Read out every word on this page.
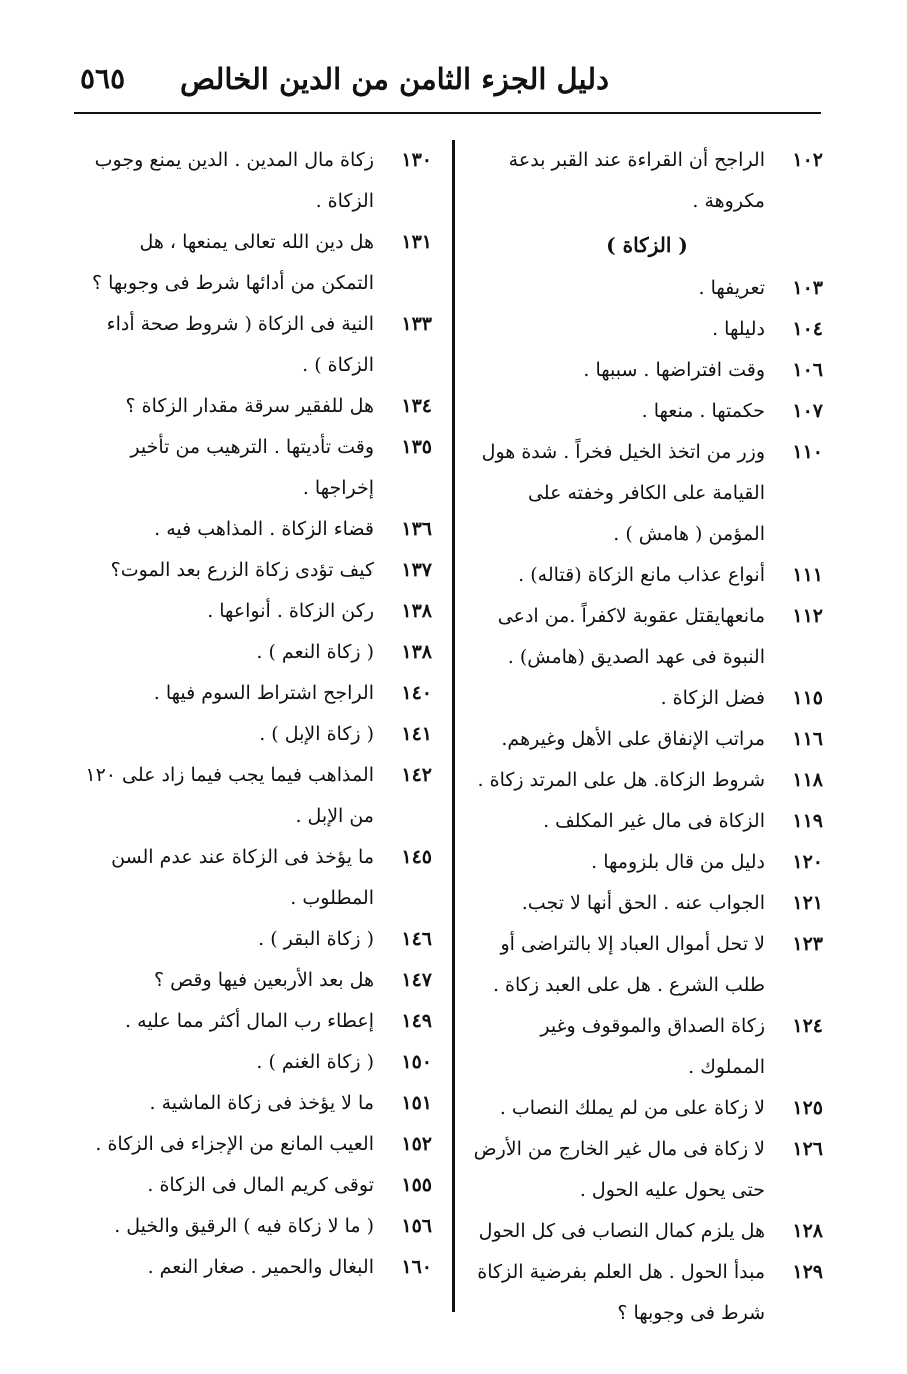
دليل الجزء الثامن من الدين الخالص
٥٦٥
١٠٢
الراجح أن القراءة عند القبر بدعة مكروهة .
( الزكاة )
١٠٣
تعريفها .
١٠٤
دليلها .
١٠٦
وقت افتراضها . سببها .
١٠٧
حكمتها . منعها .
١١٠
وزر من اتخذ الخيل فخراً . شدة هول القيامة على الكافر وخفته على المؤمن ( هامش ) .
١١١
أنواع عذاب مانع الزكاة (قتاله) .
١١٢
مانعهايقتل عقوبة لاكفراً .من ادعى النبوة فى عهد الصديق (هامش) .
١١٥
فضل الزكاة .
١١٦
مراتب الإنفاق على الأهل وغيرهم.
١١٨
شروط الزكاة. هل على المرتد زكاة .
١١٩
الزكاة فى مال غير المكلف .
١٢٠
دليل من قال بلزومها .
١٢١
الجواب عنه . الحق أنها لا تجب.
١٢٣
لا تحل أموال العباد إلا بالتراضى أو طلب الشرع . هل على العبد زكاة .
١٢٤
زكاة الصداق والموقوف وغير المملوك .
١٢٥
لا زكاة على من لم يملك النصاب .
١٢٦
لا زكاة فى مال غير الخارج من الأرض حتى يحول عليه الحول .
١٢٨
هل يلزم كمال النصاب فى كل الحول
١٢٩
مبدأ الحول . هل العلم بفرضية الزكاة شرط فى وجوبها ؟
١٣٠
زكاة مال المدين . الدين يمنع وجوب الزكاة .
١٣١
هل دين الله تعالى يمنعها ، هل التمكن من أدائها شرط فى وجوبها ؟
١٣٣
النية فى الزكاة ( شروط صحة أداء الزكاة ) .
١٣٤
هل للفقير سرقة مقدار الزكاة ؟
١٣٥
وقت تأديتها . الترهيب من تأخير إخراجها .
١٣٦
قضاء الزكاة . المذاهب فيه .
١٣٧
كيف تؤدى زكاة الزرع بعد الموت؟
١٣٨
ركن الزكاة . أنواعها .
١٣٨
( زكاة النعم ) .
١٤٠
الراجح اشتراط السوم فيها .
١٤١
( زكاة الإبل ) .
١٤٢
المذاهب فيما يجب فيما زاد على ١٢٠ من الإبل .
١٤٥
ما يؤخذ فى الزكاة عند عدم السن المطلوب .
١٤٦
( زكاة البقر ) .
١٤٧
هل بعد الأربعين فيها وقص ؟
١٤٩
إعطاء رب المال أكثر مما عليه .
١٥٠
( زكاة الغنم ) .
١٥١
ما لا يؤخذ فى زكاة الماشية .
١٥٢
العيب المانع من الإجزاء فى الزكاة .
١٥٥
توقى كريم المال فى الزكاة .
١٥٦
( ما لا زكاة فيه ) الرقيق والخيل .
١٦٠
البغال والحمير . صغار النعم .
